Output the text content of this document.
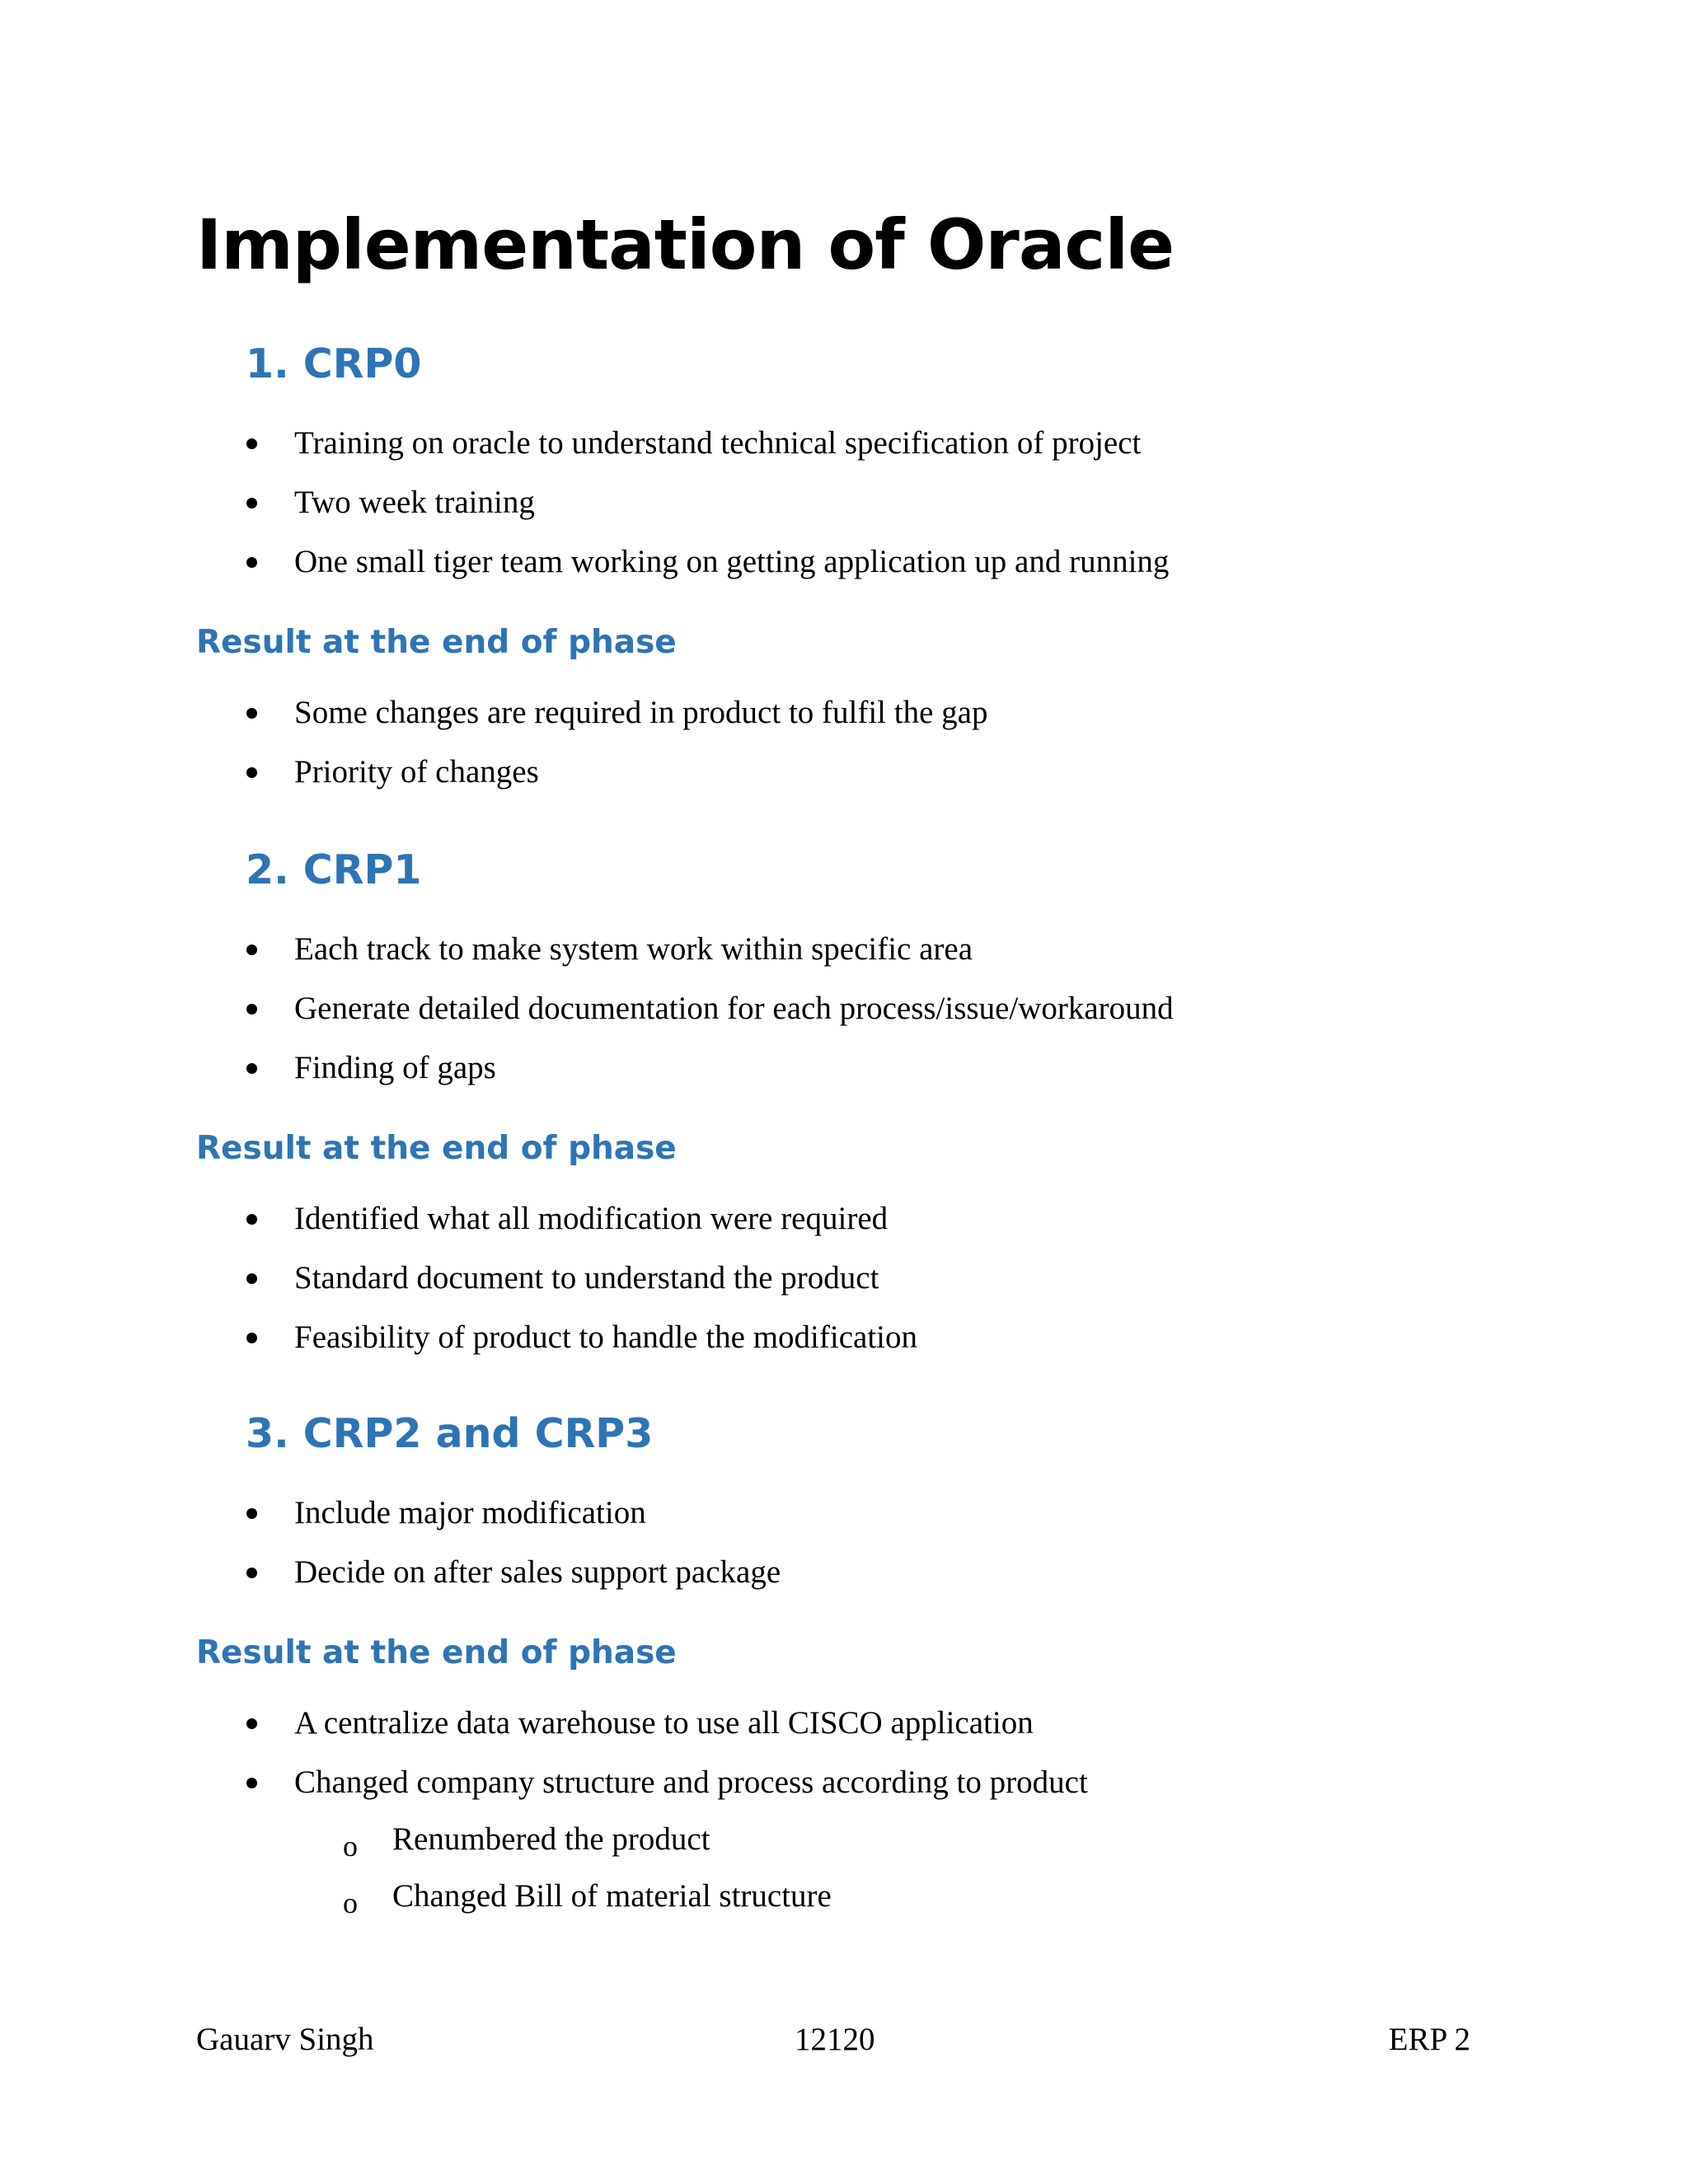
Implementation of Oracle
1. CRP0
Training on oracle to understand technical specification of project
Two week training
One small tiger team working on getting application up and running
Result at the end of phase
Some changes are required in product to fulfil the gap
Priority of changes
2. CRP1
Each track to make system work within specific area
Generate detailed documentation for each process/issue/workaround
Finding of gaps
Result at the end of phase
Identified what all modification were required
Standard document to understand the product
Feasibility of product to handle the modification
3. CRP2 and CRP3
Include major modification
Decide on after sales support package
Result at the end of phase
A centralize data warehouse to use all CISCO application
Changed company structure and process according to product
o Renumbered the product
o Changed Bill of material structure
Gauarv Singh	12120	ERP 2
